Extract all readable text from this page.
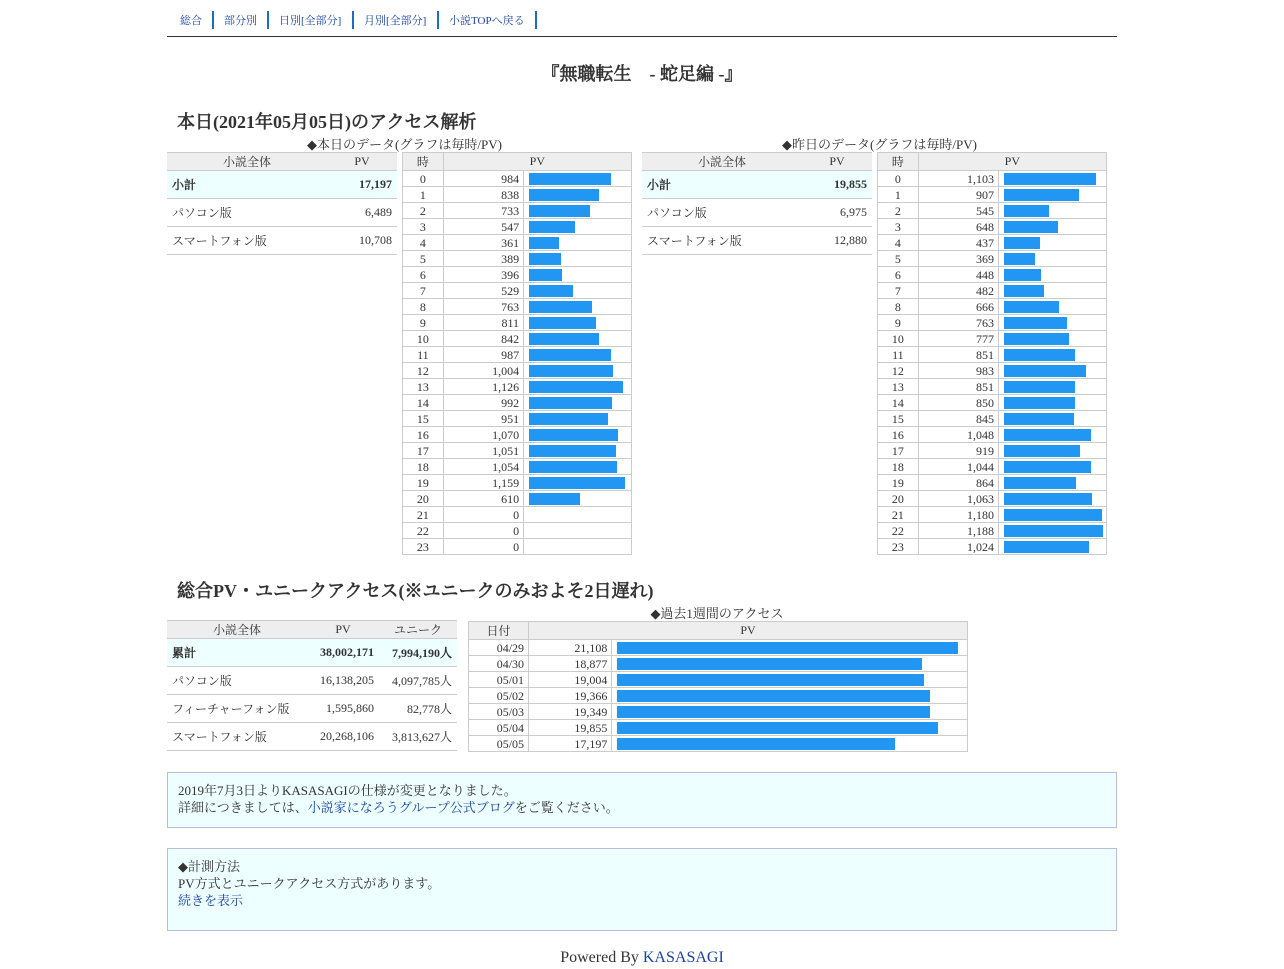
総合 部分別 日別[全部分] 月別[全部分] 小説TOPへ戻る
『無職転生　- 蛇足編 -』
本日(2021年05月05日)のアクセス解析
◆本日のデータ(グラフは毎時/PV)
小説全体	PV
小計	17,197
パソコン版	6,489
スマートフォン版	10,708
時	PV	
0	984	

1	838	

2	733	

3	547	

4	361	

5	389	

6	396	

7	529	

8	763	

9	811	

10	842	

11	987	

12	1,004	

13	1,126	

14	992	

15	951	

16	1,070	

17	1,051	

18	1,054	

19	1,159	

20	610	

21	0	
22	0	
23	0	
◆昨日のデータ(グラフは毎時/PV)
小説全体	PV
小計	19,855
パソコン版	6,975
スマートフォン版	12,880
時	PV	
0	1,103	

1	907	

2	545	

3	648	

4	437	

5	369	

6	448	

7	482	

8	666	

9	763	

10	777	

11	851	

12	983	

13	851	

14	850	

15	845	

16	1,048	

17	919	

18	1,044	

19	864	

20	1,063	

21	1,180	

22	1,188	

23	1,024	
総合PV・ユニークアクセス(※ユニークのみおよそ2日遅れ)
小説全体	PV	ユニーク
累計	38,002,171	7,994,190人
パソコン版	16,138,205	4,097,785人
フィーチャーフォン版	1,595,860	82,778人
スマートフォン版	20,268,106	3,813,627人
◆過去1週間のアクセス
日付	PV	
04/29	21,108	

04/30	18,877	

05/01	19,004	

05/02	19,366	

05/03	19,349	

05/04	19,855	

05/05	17,197	

2019年7月3日よりKASASAGIの仕様が変更となりました。

詳細につきましては、小説家になろうグループ公式ブログをご覧ください。

◆計測方法

PV方式とユニークアクセス方式があります。

続きを表示

Powered By KASASAGI
